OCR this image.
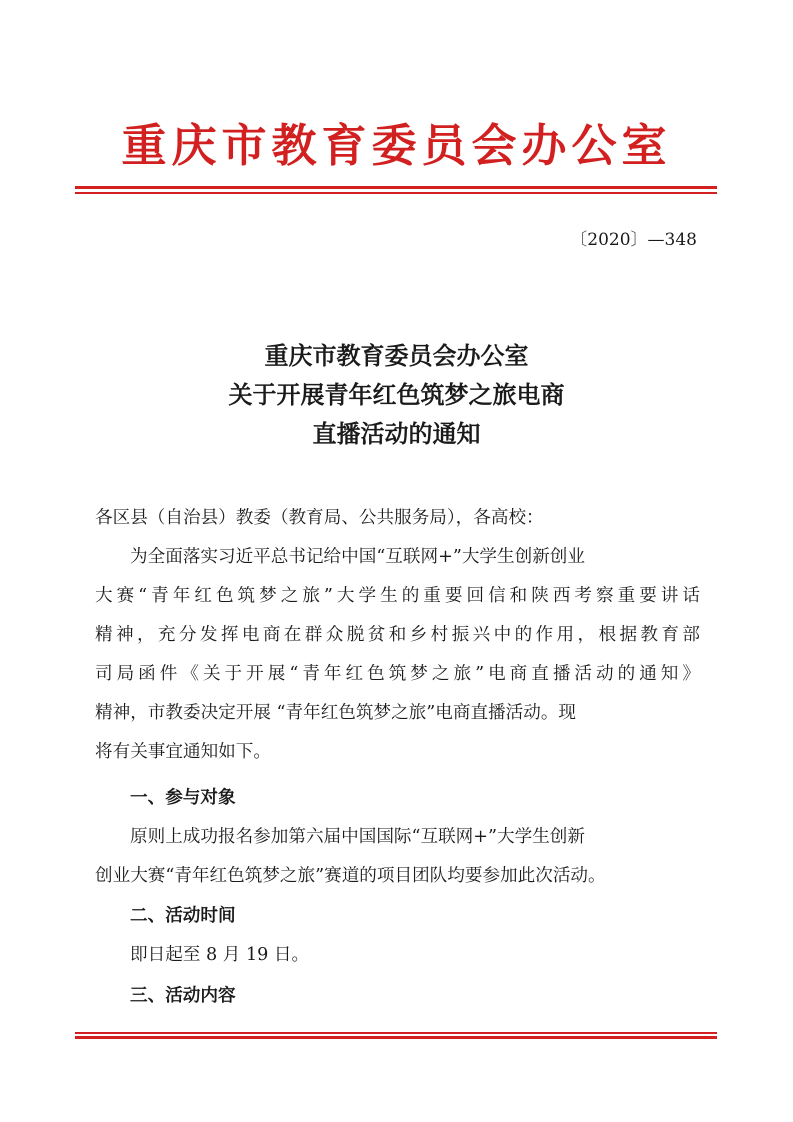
重庆市教育委员会办公室
〔2020〕—348
重庆市教育委员会办公室
关于开展青年红色筑梦之旅电商
直播活动的通知
各区县（自治县）教委（教育局、公共服务局），各高校：
为全面落实习近平总书记给中国“互联网+”大学生创新创业
大赛“青年红色筑梦之旅”大学生的重要回信和陕西考察重要讲话
精神，充分发挥电商在群众脱贫和乡村振兴中的作用，根据教育部
司局函件《关于开展“青年红色筑梦之旅”电商直播活动的通知》
精神，市教委决定开展 “青年红色筑梦之旅”电商直播活动。现
将有关事宜通知如下。
一、参与对象
原则上成功报名参加第六届中国国际“互联网+”大学生创新
创业大赛“青年红色筑梦之旅”赛道的项目团队均要参加此次活动。
二、活动时间
即日起至 8 月 19 日。
三、活动内容
